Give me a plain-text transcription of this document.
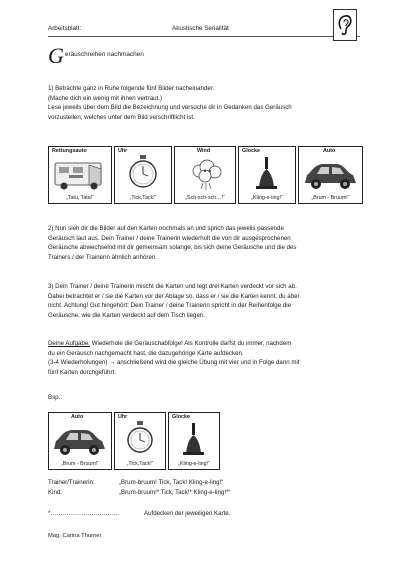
Arbeitsblatt:	Akustische Serialität
Geräuschreihen nachmachen
1) Betrachte ganz in Ruhe folgende fünf Bilder nacheinander.
(Mache dich ein wenig mit ihnen vertraut.)
Lese jeweils über dem Bild die Bezeichnung und versuche dir in Gedanken das Geräusch
vorzustellen, welches unter dem Bild verschriftlicht ist.
Rettungsauto
„Tatü, Tata!“
Uhr
„Tick,Tack!“
Wind
„Sch-sch-sch…!“
Glocke
„Kling-e-ling!“
Auto
„Brum - Bruum!“
2) Nun sieh dir die Bilder auf den Karten nochmals an und sprich das jeweils passende
Geräusch laut aus. Dein Trainer / deine Trainerin wiederholt die von dir ausgesprochenen
Geräusche abwechselnd mit dir gemeinsam solange, bis sich deine Geräusche und die des
Trainers / der Trainerin ähnlich anhören.
3) Dein Trainer / deine Trainerin mischt die Karten und legt drei Karten verdeckt vor sich ab.
Dabei betrachtet er / sie die Karten vor der Ablage so, dass er / sie die Karten kennt, du aber
nicht. Achtung! Gut hingehört: Dein Trainer / deine Trainerin spricht in der Reihenfolge die
Geräusche, wie die Karten verdeckt auf dem Tisch liegen.
Deine Aufgabe: Wiederhole die Geräuschabfolge! Als Kontrolle darfst du immer, nachdem
du ein Geräusch nachgemacht hast, die dazugehörige Karte aufdecken.
(3-4 Wiederholungen) → anschließend wird die gleiche Übung mit vier und in Folge dann mit
fünf Karten durchgeführt.
Bsp.:
Auto
„Brum - Bruum!“
Uhr
„Tick,Tack!“
Glocke
„Kling-e-ling!“
Trainer/Trainerin:	„Brum-bruum! Tick, Tack! Kling-e-ling!“
Kind:	„Brum-bruum!* Tick, Tack!* Kling-e-ling!*“
*…………………………….	Aufdecken der jeweiligen Karte.
Mag. Carina Thurner
